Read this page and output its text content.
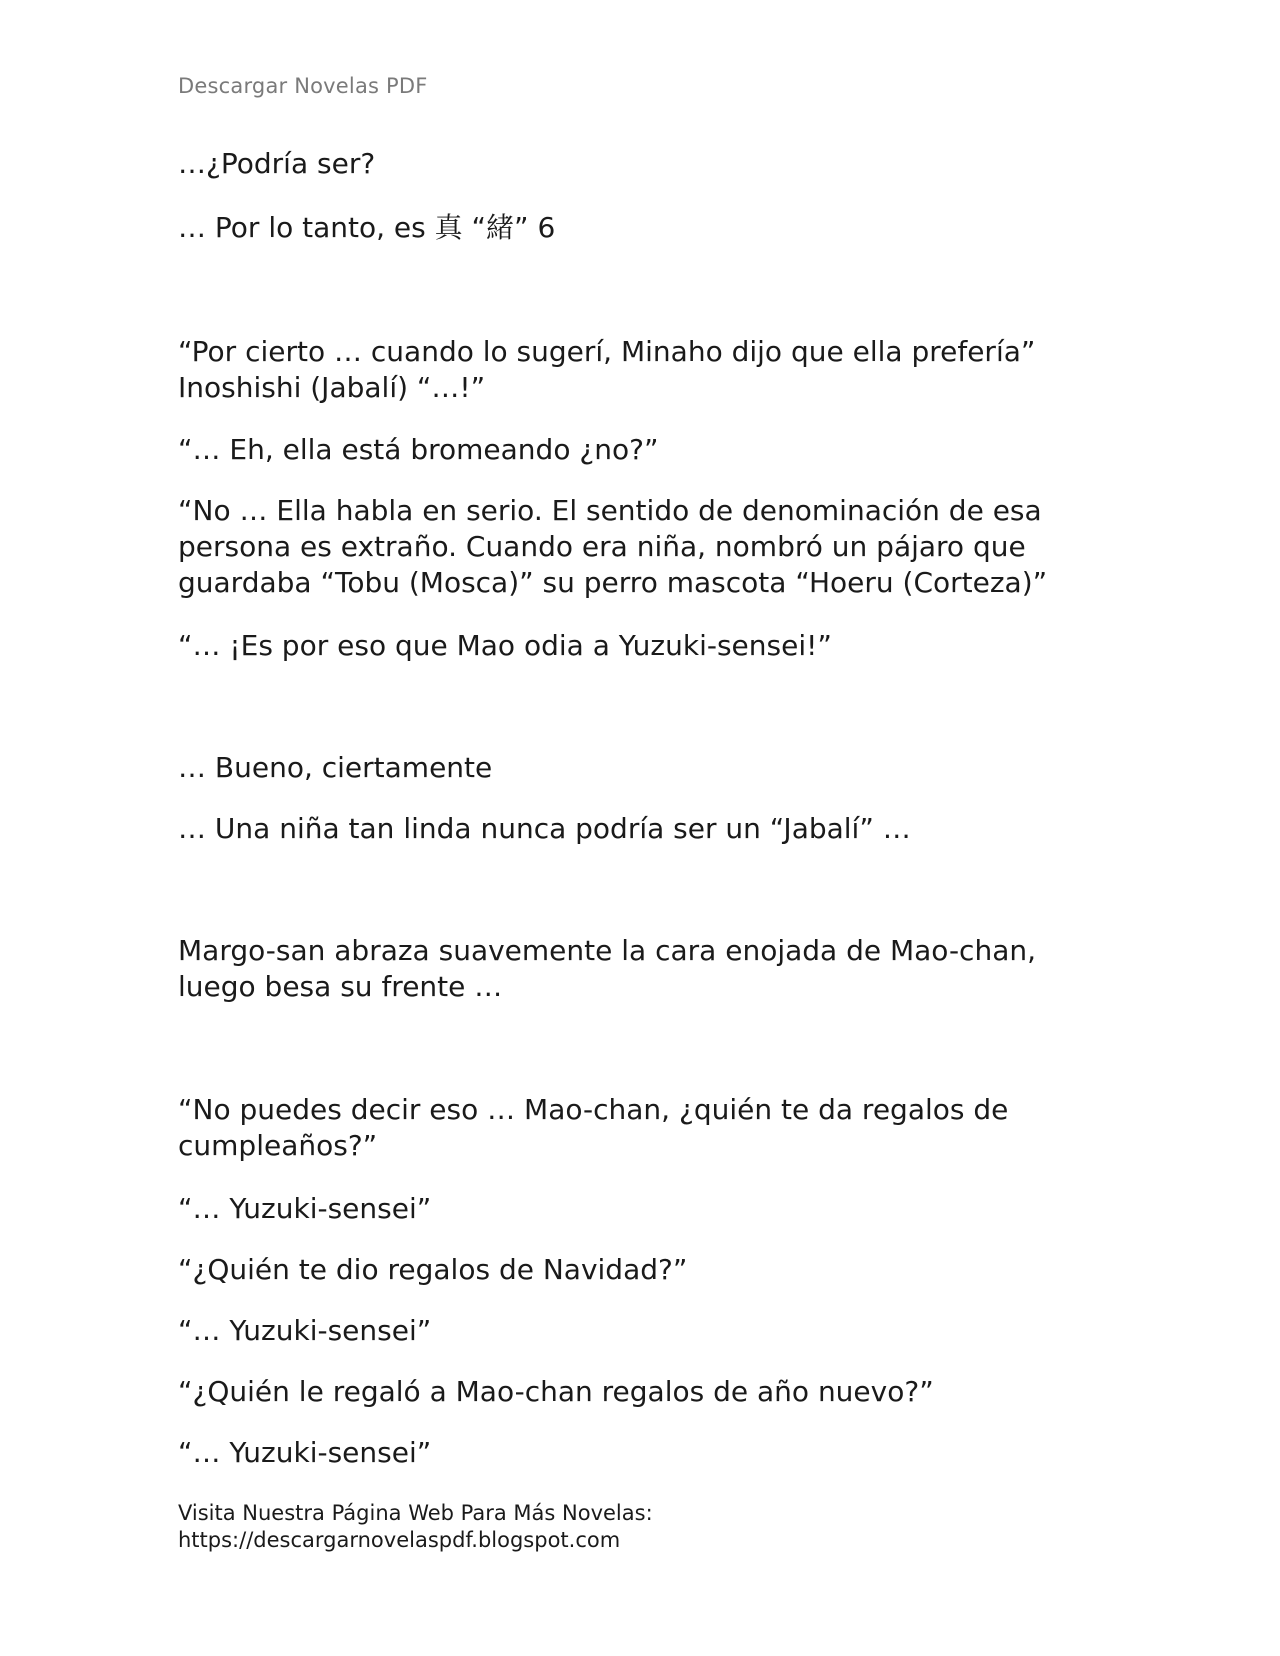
Descargar Novelas PDF
…¿Podría ser?
… Por lo tanto, es 真 “緒” 6
“Por cierto … cuando lo sugerí, Minaho dijo que ella prefería” Inoshishi (Jabalí) “…!”
“… Eh, ella está bromeando ¿no?”
“No … Ella habla en serio. El sentido de denominación de esa persona es extraño. Cuando era niña, nombró un pájaro que guardaba “Tobu (Mosca)” su perro mascota “Hoeru (Corteza)”
“… ¡Es por eso que Mao odia a Yuzuki-sensei!”
… Bueno, ciertamente
… Una niña tan linda nunca podría ser un “Jabalí” …
Margo-san abraza suavemente la cara enojada de Mao-chan, luego besa su frente …
“No puedes decir eso … Mao-chan, ¿quién te da regalos de cumpleaños?”
“… Yuzuki-sensei”
“¿Quién te dio regalos de Navidad?”
“… Yuzuki-sensei”
“¿Quién le regaló a Mao-chan regalos de año nuevo?”
“… Yuzuki-sensei”
Visita Nuestra Página Web Para Más Novelas:
https://descargarnovelaspdf.blogspot.com
